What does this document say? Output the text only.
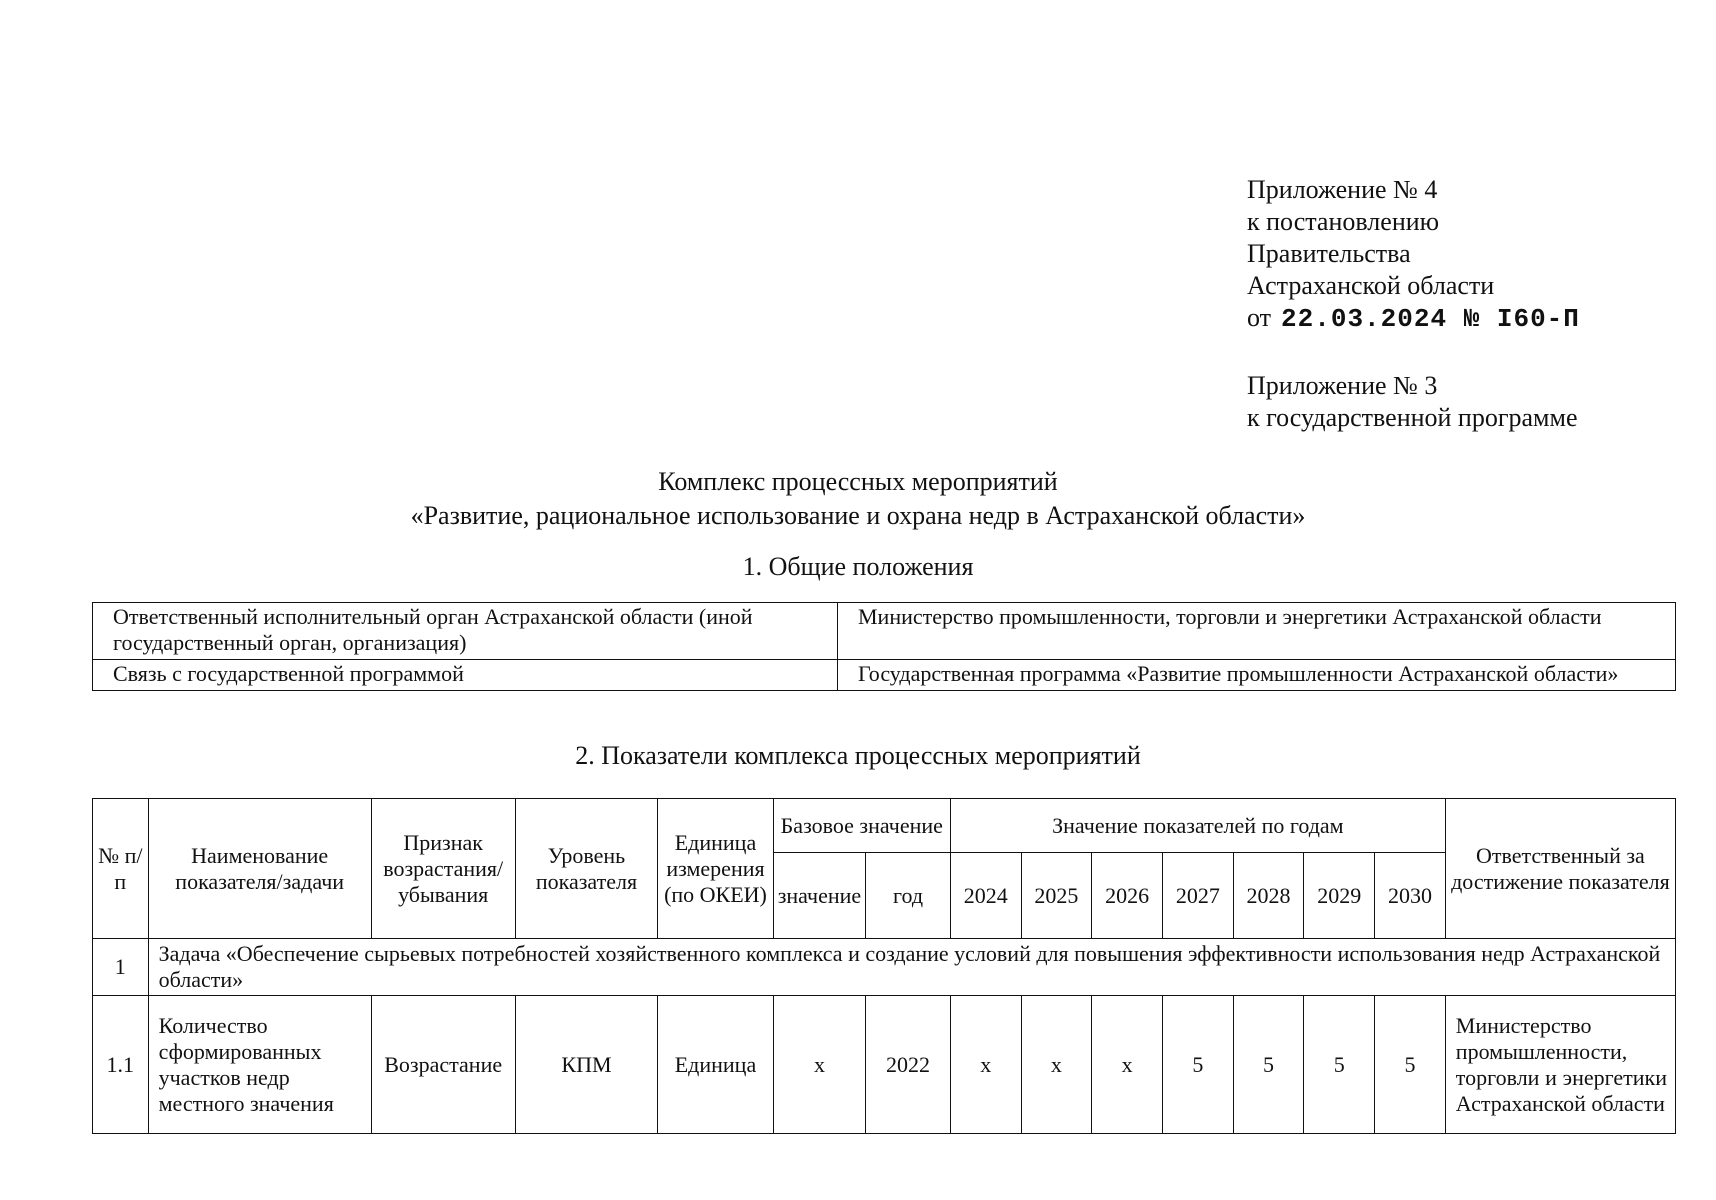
Приложение № 4
к постановлению
Правительства
Астраханской области
от 22.03.2024 № I60-П
Приложение № 3
к государственной программе
Комплекс процессных мероприятий
«Развитие, рациональное использование и охрана недр в Астраханской области»
1. Общие положения
Ответственный исполнительный орган Астраханской области (иной государственный орган, организация)	Министерство промышленности, торговли и энергетики Астраханской области
Связь с государственной программой	Государственная программа «Развитие промышленности Астраханской области»
2. Показатели комплекса процессных мероприятий
№ п/п	Наименование показателя/задачи	Признак возрастания/ убывания	Уровень показателя	Единица измерения (по ОКЕИ)	Базовое значение		Значение показателей по годам							Ответственный за достижение показателя
					значение	год	2024	2025	2026	2027	2028	2029	2030	
1	Задача «Обеспечение сырьевых потребностей хозяйственного комплекса и создание условий для повышения эффективности использования недр Астраханской области»													
1.1	Количество сформированных участков недр местного значения	Возрастание	КПМ	Единица	x	2022	x	x	x	5	5	5	5	Министерство промышленности, торговли и энергетики Астраханской области
